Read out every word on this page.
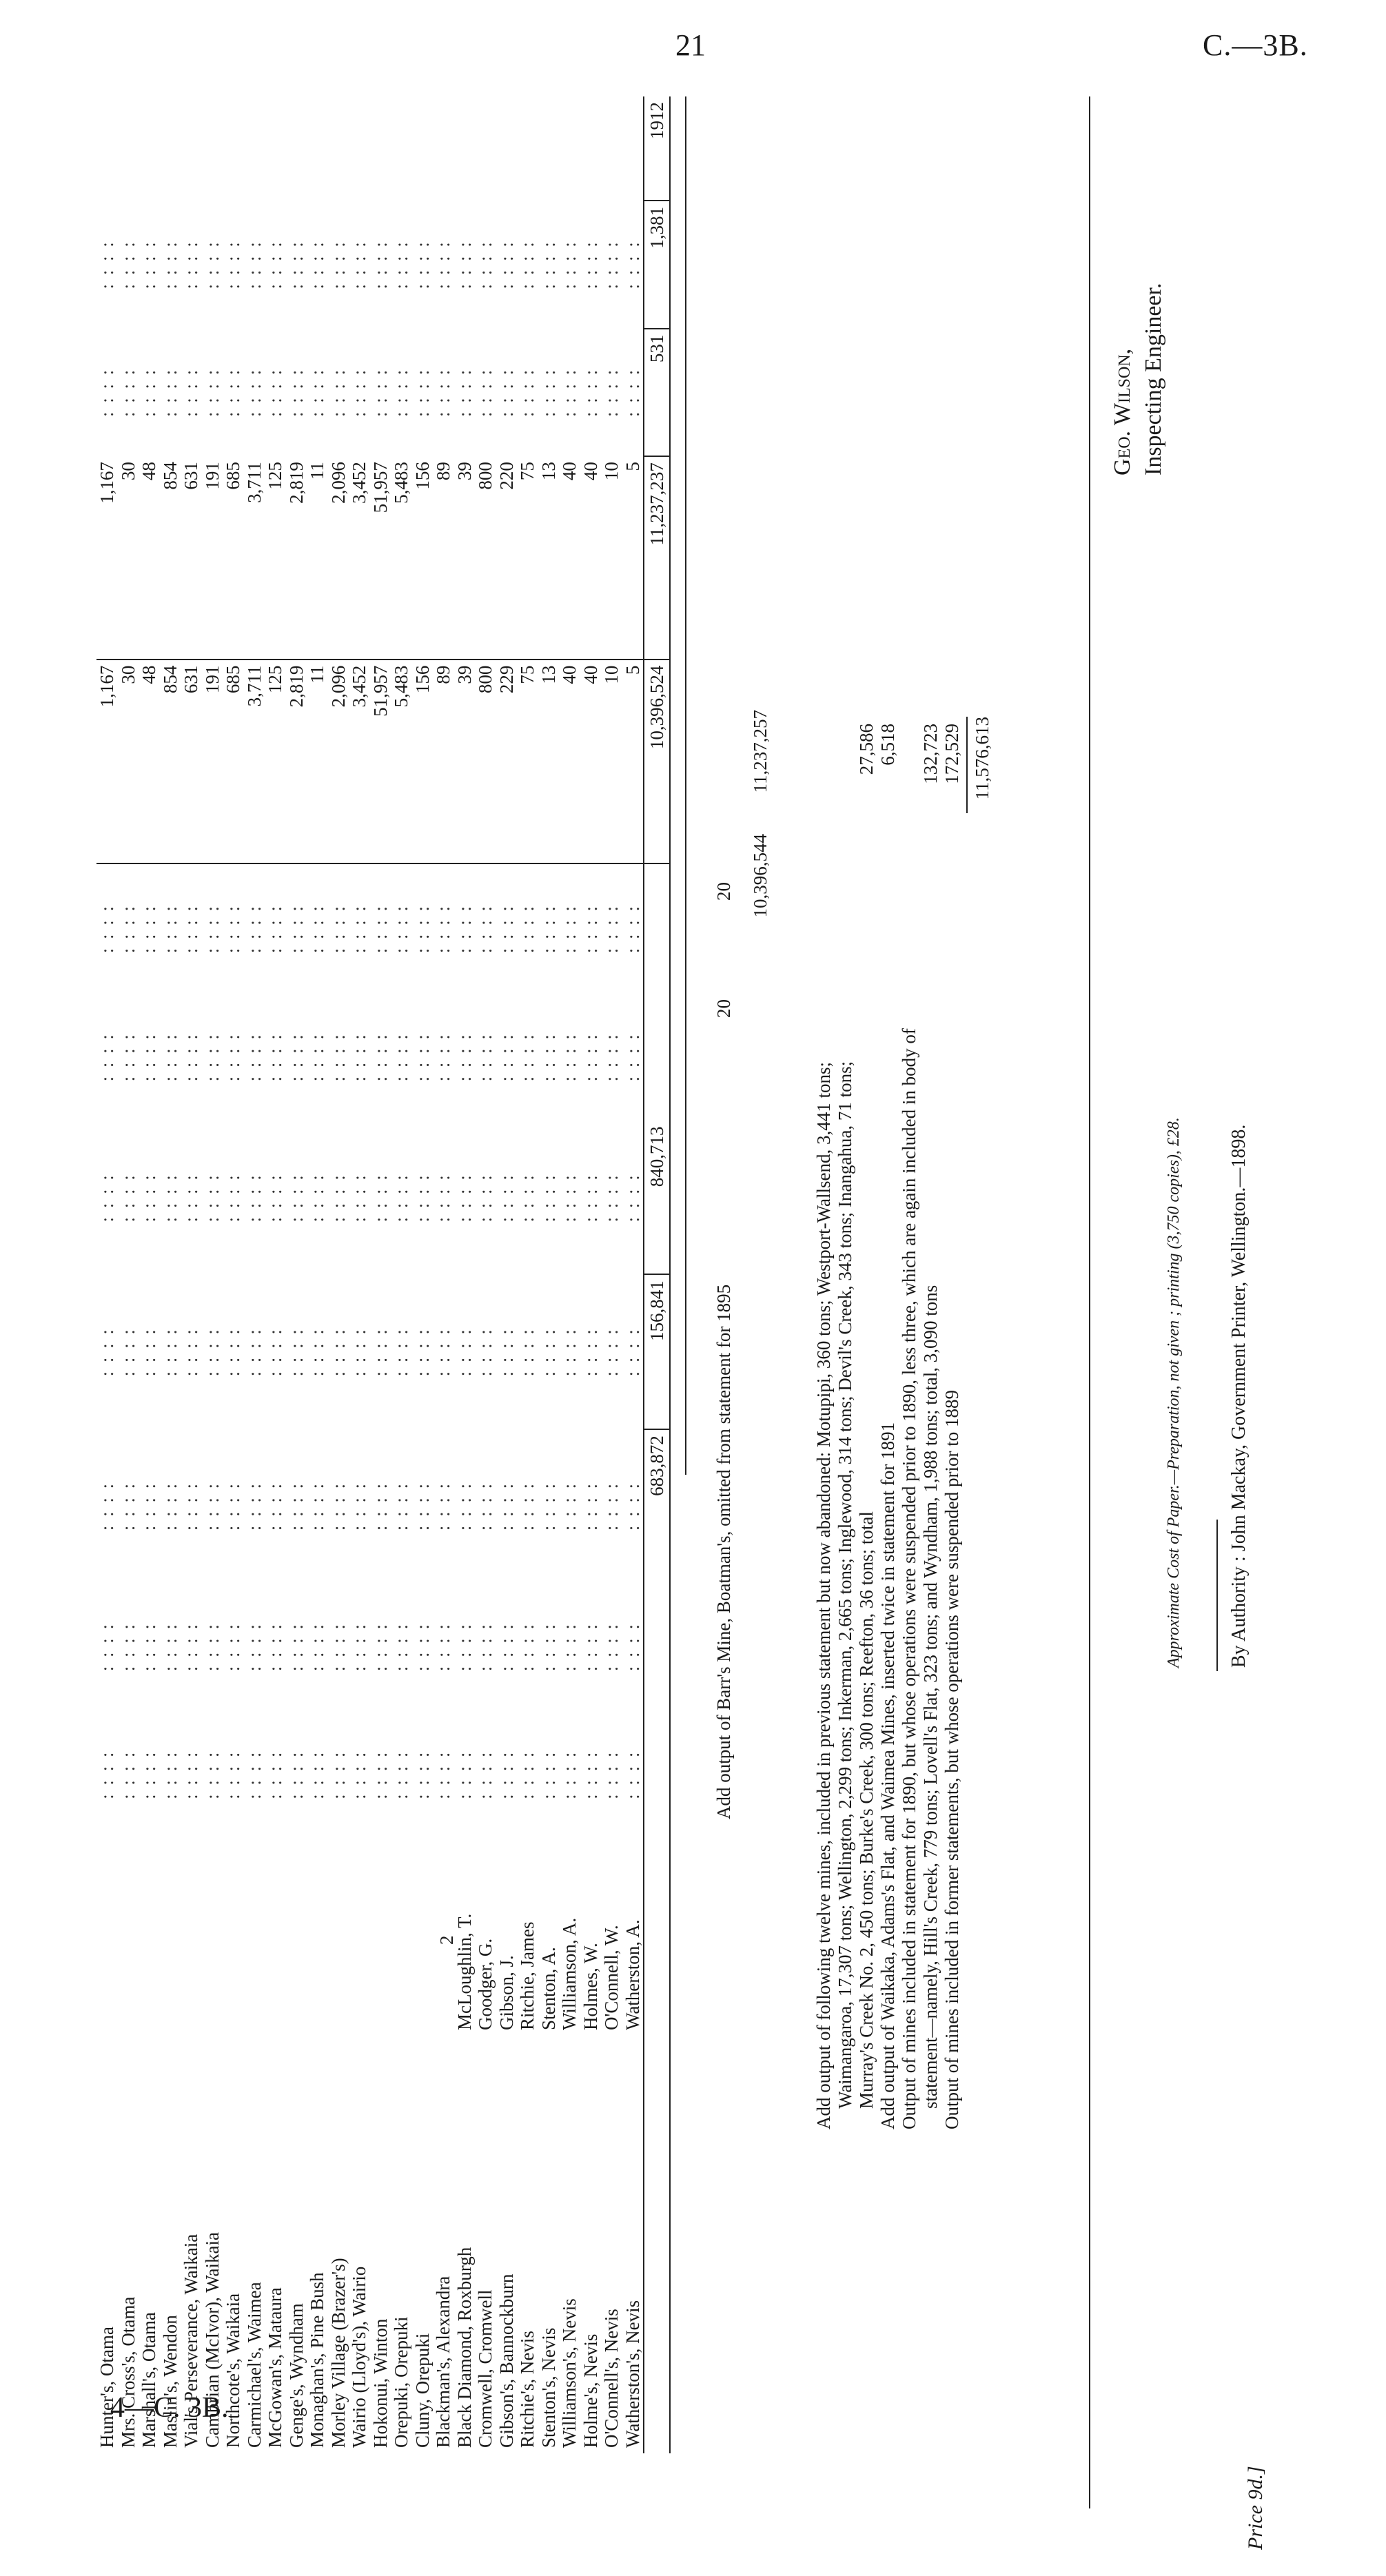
21	C.—3B.
Hunter's, Otama		: : : :	: : : :	: : : :	: : : :	: : : :	: : : :	: : : :	1,167	1,167	: : : :	: : : :	
Mrs. Cross's, Otama		: : : :	: : : :	: : : :	: : : :	: : : :	: : : :	: : : :	30	30	: : : :	: : : :	
Marshall's, Otama		: : : :	: : : :	: : : :	: : : :	: : : :	: : : :	: : : :	48	48	: : : :	: : : :	
Maslin's, Wendon		: : : :	: : : :	: : : :	: : : :	: : : :	: : : :	: : : :	854	854	: : : :	: : : :	
Vial's Perseverance, Waikaia		: : : :	: : : :	: : : :	: : : :	: : : :	: : : :	: : : :	631	631	: : : :	: : : :	
Cambrian (McIvor), Waikaia		: : : :	: : : :	: : : :	: : : :	: : : :	: : : :	: : : :	191	191	: : : :	: : : :	
Northcote's, Waikaia		: : : :	: : : :	: : : :	: : : :	: : : :	: : : :	: : : :	685	685	: : : :	: : : :	
Carmichael's, Waimea		: : : :	: : : :	: : : :	: : : :	: : : :	: : : :	: : : :	3,711	3,711	: : : :	: : : :	
McGowan's, Mataura		: : : :	: : : :	: : : :	: : : :	: : : :	: : : :	: : : :	125	125	: : : :	: : : :	
Genge's, Wyndham		: : : :	: : : :	: : : :	: : : :	: : : :	: : : :	: : : :	2,819	2,819	: : : :	: : : :	
Monaghan's, Pine Bush		: : : :	: : : :	: : : :	: : : :	: : : :	: : : :	: : : :	11	11	: : : :	: : : :	
Morley Village (Brazer's)		: : : :	: : : :	: : : :	: : : :	: : : :	: : : :	: : : :	2,096	2,096	: : : :	: : : :	
Wairio (Lloyd's), Wairio		: : : :	: : : :	: : : :	: : : :	: : : :	: : : :	: : : :	3,452	3,452	: : : :	: : : :	
Hokonui, Winton		: : : :	: : : :	: : : :	: : : :	: : : :	: : : :	: : : :	51,957	51,957	: : : :	: : : :	
Orepuki, Orepuki		: : : :	: : : :	: : : :	: : : :	: : : :	: : : :	: : : :	5,483	5,483	: : : :	: : : :	
Cluny, Orepuki		: : : :	: : : :	: : : :	: : : :	: : : :	: : : :	: : : :	156	156	: : : :	: : : :	
Blackman's, Alexandra		: : : :	: : : :	: : : :	: : : :	: : : :	: : : :	: : : :	89	89	: : : :	: : : :	
Black Diamond, Roxburgh	McLoughlin, T.	: : : :	: : : :	: : : :	: : : :	: : : :	: : : :	: : : :	39	39	: : : :	: : : :	
Cromwell, Cromwell	Goodger, G.	: : : :	: : : :	: : : :	: : : :	: : : :	: : : :	: : : :	800	800	: : : :	: : : :	
Gibson's, Bannockburn	Gibson, J.	: : : :	: : : :	: : : :	: : : :	: : : :	: : : :	: : : :	229	220	: : : :	: : : :	
Ritchie's, Nevis	Ritchie, James	: : : :	: : : :	: : : :	: : : :	: : : :	: : : :	: : : :	75	75	: : : :	: : : :	
Stenton's, Nevis	Stenton, A.	: : : :	: : : :	: : : :	: : : :	: : : :	: : : :	: : : :	13	13	: : : :	: : : :	
Williamson's, Nevis	Williamson, A.	: : : :	: : : :	: : : :	: : : :	: : : :	: : : :	: : : :	40	40	: : : :	: : : :	
Holme's, Nevis	Holmes, W.	: : : :	: : : :	: : : :	: : : :	: : : :	: : : :	: : : :	40	40	: : : :	: : : :	
O'Connell's, Nevis	O'Connell, W.	: : : :	: : : :	: : : :	: : : :	: : : :	: : : :	: : : :	10	10	: : : :	: : : :	
Watherston's, Nevis	Watherston, A.	: : : :	: : : :	: : : :	: : : :	: : : :	: : : :	: : : :	5	5	: : : :	: : : :	
				683,872	156,841	840,713			10,396,524	11,237,237	531	1,381	1912
2
Add output of Barr's Mine, Boatman's, omitted from statement for 1895
20
20 10,396,544
11,237,257
Add output of following twelve mines, included in previous statement but now abandoned: Motupipi, 360 tons; Westport-Wallsend, 3,441 tons; Waimangaroa, 17,307 tons; Wellington, 2,299 tons; Inkerman, 2,665 tons; Inglewood, 314 tons; Devil's Creek, 343 tons; Inangahua, 71 tons; Murray's Creek No. 2, 450 tons; Burke's Creek, 300 tons; Reefton, 36 tons; total
27,586
Add output of Waikaka, Adams's Flat, and Waimea Mines, inserted twice in statement for 1891
6,518
Output of mines included in statement for 1890, but whose operations were suspended prior to 1890, less three, which are again included in body of statement—namely, Hill's Creek, 779 tons; Lovell's Flat, 323 tons; and Wyndham, 1,988 tons; total, 3,090 tons
132,723
Output of mines included in former statements, but whose operations were suspended prior to 1889
172,529 11,576,613
Geo. Wilson, Inspecting Engineer.
Approximate Cost of Paper.—Preparation, not given ; printing (3,750 copies), £28. By Authority : John Mackay, Government Printer, Wellington.—1898.
Price 9d.]
4—C. 3B.
